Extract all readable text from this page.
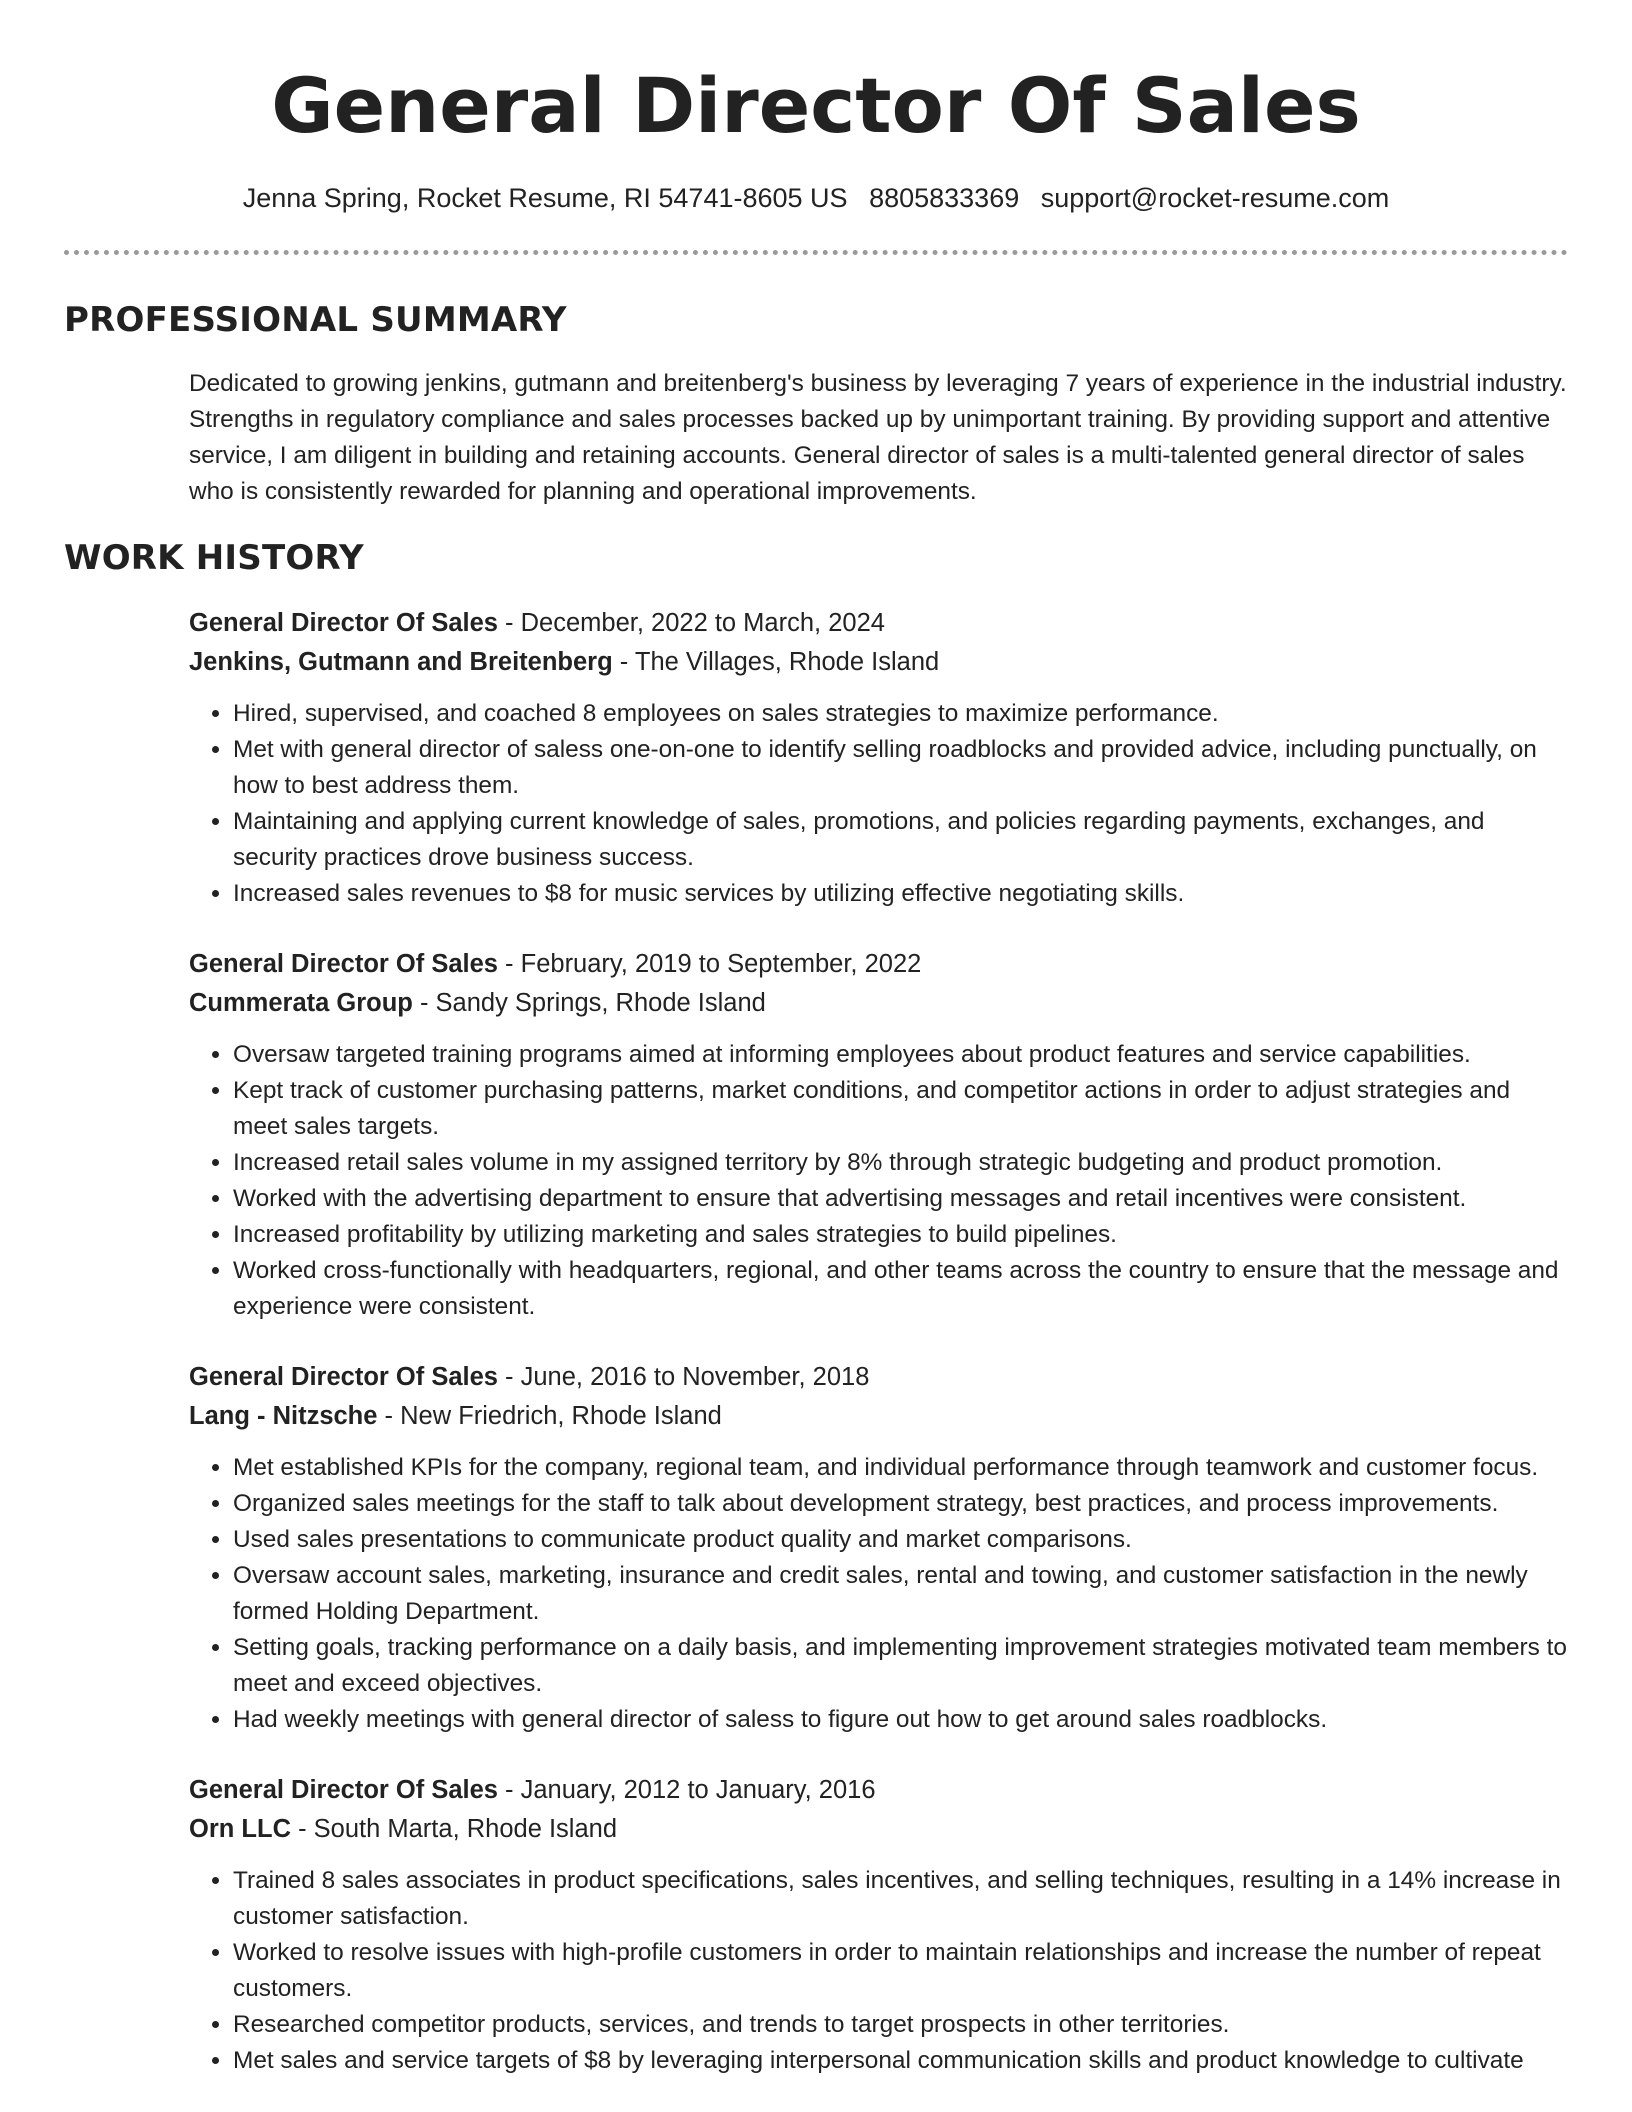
General Director Of Sales
Jenna Spring, Rocket Resume, RI 54741-8605 US 8805833369 support@rocket-resume.com
PROFESSIONAL SUMMARY

Dedicated to growing jenkins, gutmann and breitenberg's business by leveraging 7 years of experience in the industrial industry. Strengths in regulatory compliance and sales processes backed up by unimportant training. By providing support and attentive service, I am diligent in building and retaining accounts. General director of sales is a multi-talented general director of sales who is consistently rewarded for planning and operational improvements.

WORK HISTORY
General Director Of Sales - December, 2022 to March, 2024
Jenkins, Gutmann and Breitenberg - The Villages, Rhode Island
• Hired, supervised, and coached 8 employees on sales strategies to maximize performance.
• Met with general director of saless one-on-one to identify selling roadblocks and provided advice, including punctually, on how to best address them.
• Maintaining and applying current knowledge of sales, promotions, and policies regarding payments, exchanges, and security practices drove business success.
• Increased sales revenues to $8 for music services by utilizing effective negotiating skills.
General Director Of Sales - February, 2019 to September, 2022
Cummerata Group - Sandy Springs, Rhode Island
• Oversaw targeted training programs aimed at informing employees about product features and service capabilities.
• Kept track of customer purchasing patterns, market conditions, and competitor actions in order to adjust strategies and meet sales targets.
• Increased retail sales volume in my assigned territory by 8% through strategic budgeting and product promotion.
• Worked with the advertising department to ensure that advertising messages and retail incentives were consistent.
• Increased profitability by utilizing marketing and sales strategies to build pipelines.
• Worked cross-functionally with headquarters, regional, and other teams across the country to ensure that the message and experience were consistent.
General Director Of Sales - June, 2016 to November, 2018
Lang - Nitzsche - New Friedrich, Rhode Island
• Met established KPIs for the company, regional team, and individual performance through teamwork and customer focus.
• Organized sales meetings for the staff to talk about development strategy, best practices, and process improvements.
• Used sales presentations to communicate product quality and market comparisons.
• Oversaw account sales, marketing, insurance and credit sales, rental and towing, and customer satisfaction in the newly formed Holding Department.
• Setting goals, tracking performance on a daily basis, and implementing improvement strategies motivated team members to meet and exceed objectives.
• Had weekly meetings with general director of saless to figure out how to get around sales roadblocks.
General Director Of Sales - January, 2012 to January, 2016
Orn LLC - South Marta, Rhode Island
• Trained 8 sales associates in product specifications, sales incentives, and selling techniques, resulting in a 14% increase in customer satisfaction.
• Worked to resolve issues with high-profile customers in order to maintain relationships and increase the number of repeat customers.
• Researched competitor products, services, and trends to target prospects in other territories.
• Met sales and service targets of $8 by leveraging interpersonal communication skills and product knowledge to cultivate
